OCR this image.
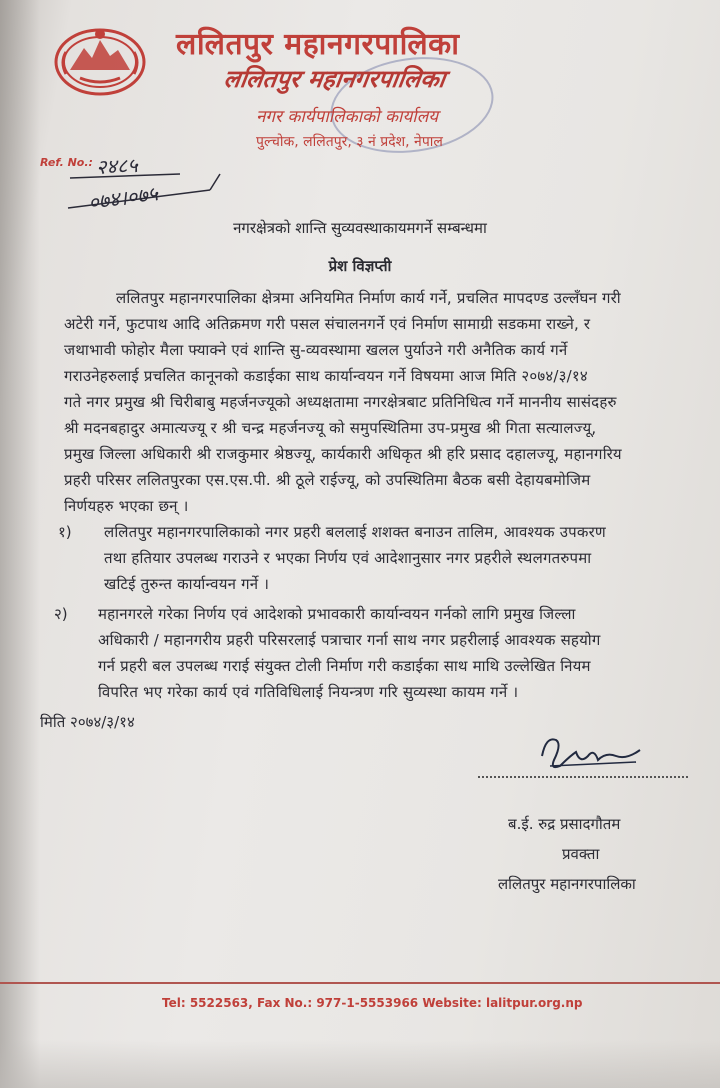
ललितपुर महानगरपालिका
ललितपुर महानगरपालिका
नगर कार्यपालिकाको कार्यालय
पुल्चोक, ललितपुर, ३ नं प्रदेश, नेपाल
Ref. No.: २४८५
०७४।०७५
नगरक्षेत्रको शान्ति सुव्यवस्थाकायमगर्ने सम्बन्धमा
प्रेश विज्ञप्ती
ललितपुर महानगरपालिका क्षेत्रमा अनियमित निर्माण कार्य गर्ने, प्रचलित मापदण्ड उल्लँघन गरी
अटेरी गर्ने, फुटपाथ आदि अतिक्रमण गरी पसल संचालनगर्ने एवं निर्माण सामाग्री सडकमा राख्ने, र
जथाभावी फोहोर मैला फ्याक्ने एवं शान्ति सु-व्यवस्थामा खलल पुर्याउने गरी अनैतिक कार्य गर्ने
गराउनेहरुलाई प्रचलित कानूनको कडाईका साथ कार्यान्वयन गर्ने विषयमा आज मिति २०७४/३/१४
गते नगर प्रमुख श्री चिरीबाबु महर्जनज्यूको अध्यक्षतामा नगरक्षेत्रबाट प्रतिनिधित्व गर्ने माननीय सासंदहरु
श्री मदनबहादुर अमात्यज्यू र श्री चन्द्र महर्जनज्यू को समुपस्थितिमा उप-प्रमुख श्री गिता सत्यालज्यू,
प्रमुख जिल्ला अधिकारी श्री राजकुमार श्रेष्ठज्यू, कार्यकारी अधिकृत श्री हरि प्रसाद दहालज्यू, महानगरिय
प्रहरी परिसर ललितपुरका एस.एस.पी. श्री ठूले राईज्यू, को उपस्थितिमा बैठक बसी देहायबमोजिम
निर्णयहरु भएका छन् ।
१) ललितपुर महानगरपालिकाको नगर प्रहरी बललाई शशक्त बनाउन तालिम, आवश्यक उपकरण
तथा हतियार उपलब्ध गराउने र भएका निर्णय एवं आदेशानुसार नगर प्रहरीले स्थलगतरुपमा
खटिई तुरुन्त कार्यान्वयन गर्ने ।
२) महानगरले गरेका निर्णय एवं आदेशको प्रभावकारी कार्यान्वयन गर्नको लागि प्रमुख जिल्ला
अधिकारी / महानगरीय प्रहरी परिसरलाई पत्राचार गर्ना साथ नगर प्रहरीलाई आवश्यक सहयोग
गर्न प्रहरी बल उपलब्ध गराई संयुक्त टोली निर्माण गरी कडाईका साथ माथि उल्लेखित नियम
विपरित भए गरेका कार्य एवं गतिविधिलाई नियन्त्रण गरि सुव्यस्था कायम गर्ने ।
मिति २०७४/३/१४
ब.ई. रुद्र प्रसादगौतम
प्रवक्ता
ललितपुर महानगरपालिका
Tel: 5522563, Fax No.: 977-1-5553966 Website: lalitpur.org.np
